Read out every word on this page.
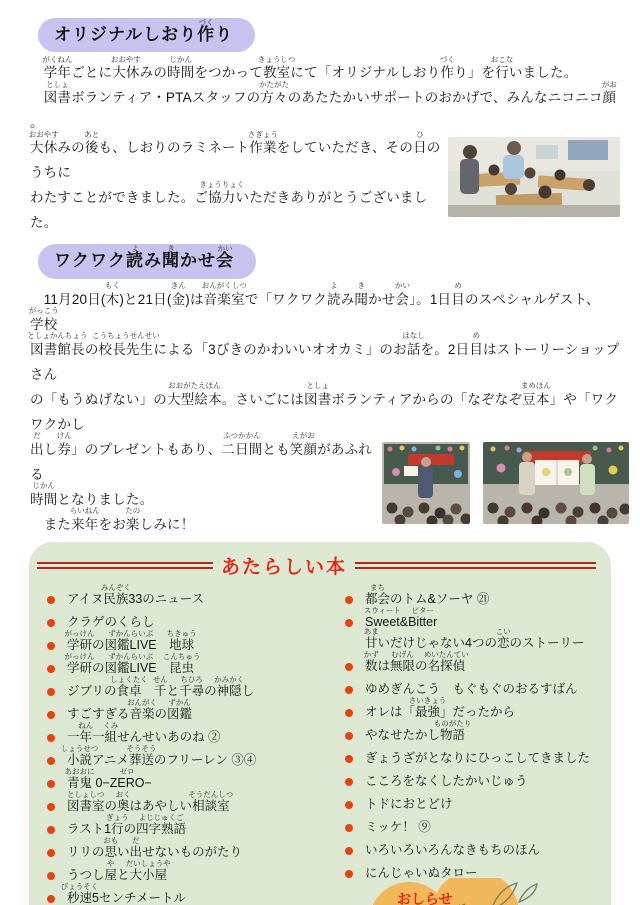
オリジナルしおり作
づく
り
　学年
がくねん
ごとに大休
おおやす
みの時間
じかん
をつかって教室
きょうしつ
にて「オリジナルしおり作
づく
り」を行
おこな
いました。
　図書
としょ
ボランティア・PTAスタッフの方々
かたがた
のあたたかいサポートのおかげで、みんなニコニコ顔
がお
。
大休
おおやす
みの後
あと
も、しおりのラミネート作業
さぎょう
をしていただき、その日
ひ
のうちに
わたすことができました。ご協力
きょうりょく
いただきありがとうございました。
ワクワク読
よ
み聞
き
かせ会
かい
　11月20日(木
もく
)と21日(金
きん
)は音楽室
おんがくしつ
で「ワクワク読
よ
み聞
き
かせ会
かい
」。1日目
め
のスペシャルゲスト、学校
がっこう
図書館長
としょかんちょう
の校長先生
こうちょうせんせい
による「3びきのかわいいオオカミ」のお話
はなし
を。2日目
め
はストーリーショップさん
の「もうぬげない」の大型絵本
おおがたえほん
。さいごには図書
としょ
ボランティアからの「なぞなぞ豆本
まめほん
」や「ワクワクかし
出
だ
し券
けん
」のプレゼントもあり、二日間
ふつかかん
とも笑顔
えがお
があふれる
時間
じかん
となりました。
　また来年
らいねん
をお楽
たの
しみに！
あたらしい本
アイヌ民族
みんぞく
33のニュース
クラゲのくらし
学研
がっけん
の図鑑LIVE
ずかんらいぶ
　地球
ちきゅう
学研
がっけん
の図鑑LIVE
ずかんらいぶ
　昆虫
こんちゅう
ジブリの食卓
しょくたく
　千
せん
と千尋
ちひろ
の神隠
かみかく
し
すごすぎる音楽
おんがく
の図鑑
ずかん
一年
ねん
一組
くみ
せんせいあのね ②
小説
しょうせつ
アニメ葬送
そうそう
のフリーレン ③④
青鬼
あおおに
0−ZERO
ゼロ
−
図書室
としょしつ
の奥
おく
はあやしい相談室
そうだんしつ
ラスト1行
ぎょう
の四字熟語
よじじゅくご
リリの思
おも
い出
だ
せないものがたり
うつし屋
や
と大小屋
だいしょうや
秒速
びょうそく
5センチメートル
都会
まち
のトム&ソーヤ ㉑
Sweet
スウィート
&Bitter
ビター

甘
あま
いだけじゃない4つの恋
こい
のストーリー
数
かず
は無限
むげん
の名探偵
めいたんてい
ゆめぎんこう　もぐもぐのおるすばん
オレは「最強
さいきょう
」だったから
やなせたかし物語
ものがたり
ぎょうざがとなりにひっこしてきました
こころをなくしたかいじゅう
トドにおとどけ
ミッケ！ ⑨
いろいろいろんなきもちのほん
にんじゃいぬタロー
おしらせ
